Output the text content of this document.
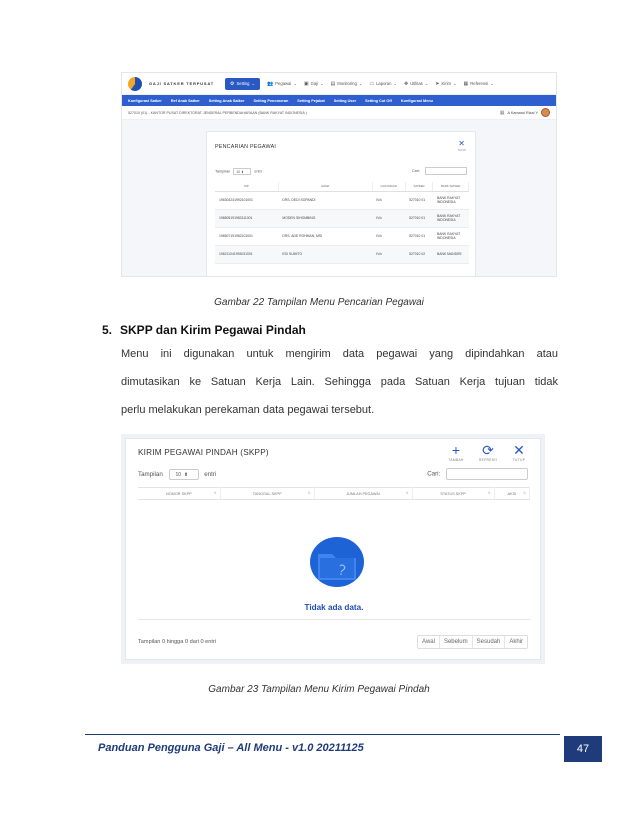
GAJI SATKER TERPUSAT	⚙ Setting ⌄ 👥 Pegawai ⌄ ▣ Gaji ⌄ ▤ Monitoring ⌄ ▭ Laporan ⌄ ✥ Utilitas ⌄ ➤ Kirim ⌄ ▦ Referensi ⌄
Konfigurasi Satker Ref Anak Satker Setting Anak Satker Setting Penomoran Setting Pejabat Setting User Setting Cut Off Konfigurasi Menu
527010 (01) - KANTOR PUSAT DIREKTORAT JENDERAL PERBENDAHARAAN (BANK RAKYAT INDONESIA )	▦ A Kamarul Rizal Y
PENCARIAN PEGAWAI	✕
TUTUP
Tampilan 10 ⬍	entri	Cari:
NIP	NAMA	GOLONGAN	SATKER	BANK SATKER
196304241992101001	DRS. DEDI SOPANDI	IV/c	527010 01	BANK RAKYAT INDONESIA
196505191983111001	MODEN SIHOMBING	IV/c	527010 01	BANK RAKYAT INDONESIA
196507191982101001	DRS. ADE ROHMAN, MSI	IV/c	527010 01	BANK RAKYAT INDONESIA
196211041993031001	EDI SUMITO	IV/c	527010 02	BANK MANDIRI
Gambar 22 Tampilan Menu Pencarian Pegawai
5. SKPP dan Kirim Pegawai Pindah
Menu ini digunakan untuk mengirim data pegawai yang dipindahkan atau
dimutasikan ke Satuan Kerja Lain. Sehingga pada Satuan Kerja tujuan tidak
perlu melakukan perekaman data pegawai tersebut.
KIRIM PEGAWAI PINDAH (SKPP)	+
TAMBAH
⟳
REFRESH
✕
TUTUP
Tampilan	10  ⬍	entri	Cari:
NOMOR SKPP	⇅	TANGGAL SKPP	⇅	JUMLAH PEGAWAI	⇅	STATUS SKPP	⇅	AKSI ⇅
Tidak ada data.
Tampilan 0 hingga 0 dari 0 entri	Awal	Sebelum	Sesudah	Akhir
Gambar 23 Tampilan Menu Kirim Pegawai Pindah
Panduan Pengguna Gaji – All Menu - v1.0 20211125	47
